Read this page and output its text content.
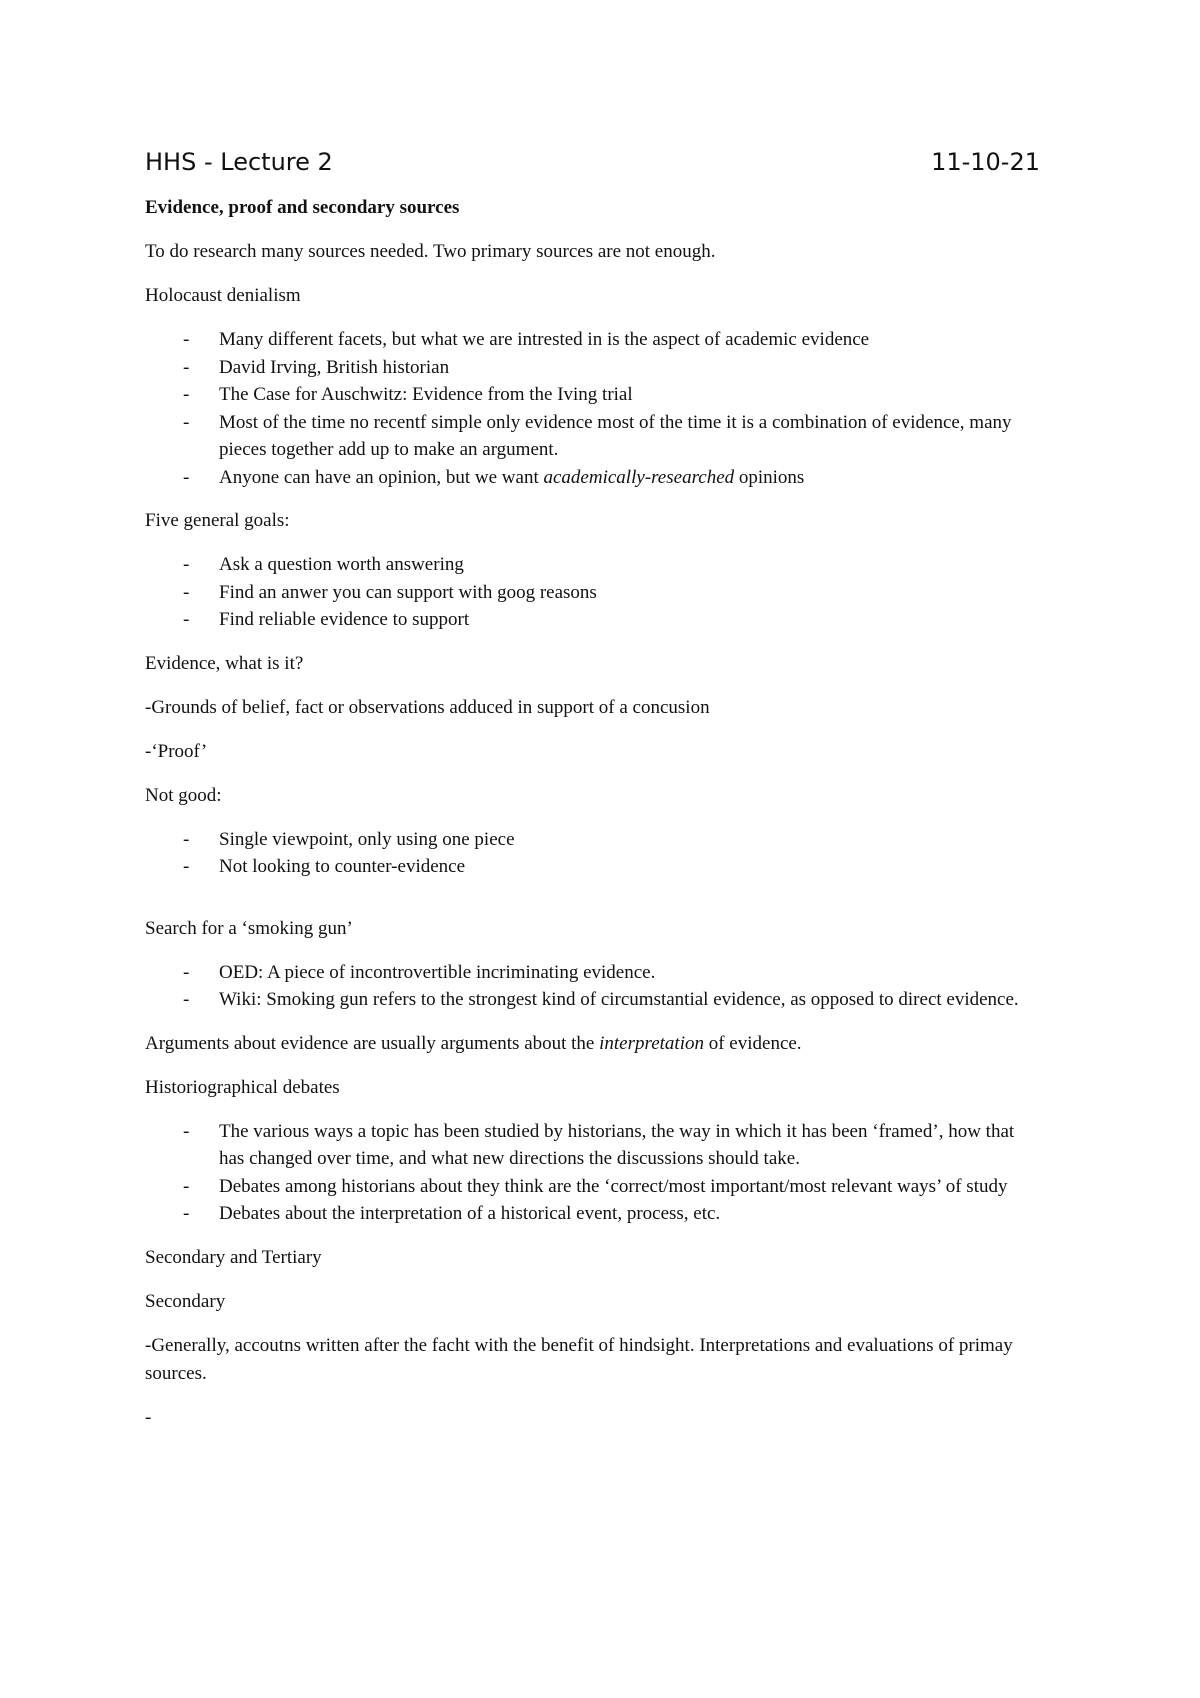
HHS - Lecture 2	11-10-21

Evidence, proof and secondary sources

To do research many sources needed. Two primary sources are not enough.

Holocaust denialism

- Many different facets, but what we are intrested in is the aspect of academic evidence
- David Irving, British historian
- The Case for Auschwitz: Evidence from the Iving trial
- Most of the time no recentf simple only evidence most of the time it is a combination of evidence, many pieces together add up to make an argument.
- Anyone can have an opinion, but we want academically-researched opinions

Five general goals:

- Ask a question worth answering
- Find an anwer you can support with goog reasons
- Find reliable evidence to support

Evidence, what is it?

-Grounds of belief, fact or observations adduced in support of a concusion

-‘Proof’

Not good:

- Single viewpoint, only using one piece
- Not looking to counter-evidence

Search for a ‘smoking gun’

- OED: A piece of incontrovertible incriminating evidence.
- Wiki: Smoking gun refers to the strongest kind of circumstantial evidence, as opposed to direct evidence.

Arguments about evidence are usually arguments about the interpretation of evidence.

Historiographical debates

- The various ways a topic has been studied by historians, the way in which it has been ‘framed’, how that has changed over time, and what new directions the discussions should take.
- Debates among historians about they think are the ‘correct/most important/most relevant ways’ of study
- Debates about the interpretation of a historical event, process, etc.

Secondary and Tertiary

Secondary

-Generally, accoutns written after the facht with the benefit of hindsight. Interpretations and evaluations of primay sources.

-
